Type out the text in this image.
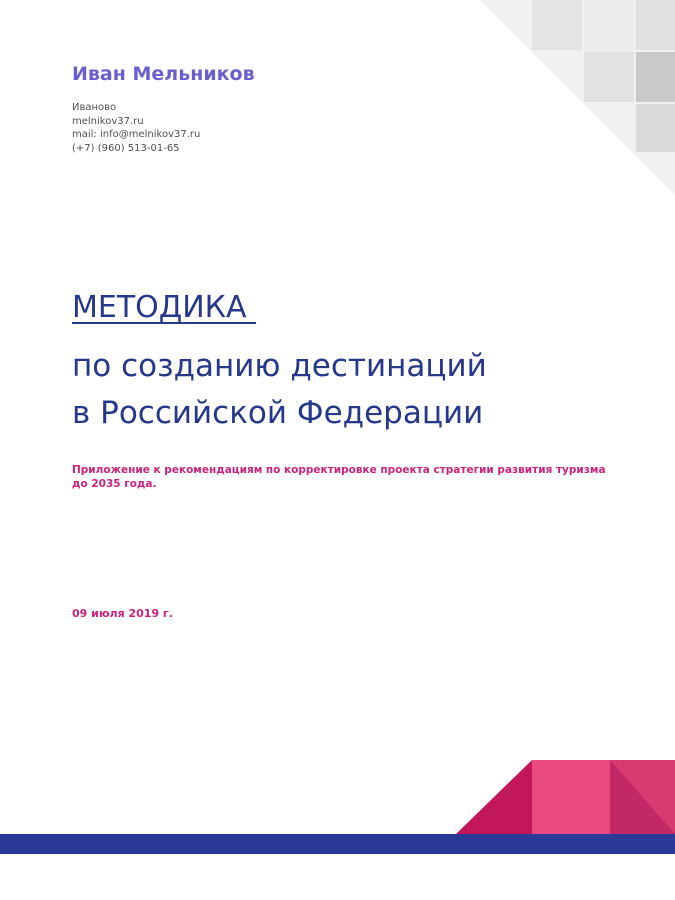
Иван Мельников
Иваново
melnikov37.ru
mail: info@melnikov37.ru
(+7) (960) 513-01-65
МЕТОДИКА
по созданию дестинаций
в Российской Федерации
Приложение к рекомендациям по корректировке проекта стратегии развития туризма до 2035 года.
09 июля 2019 г.
